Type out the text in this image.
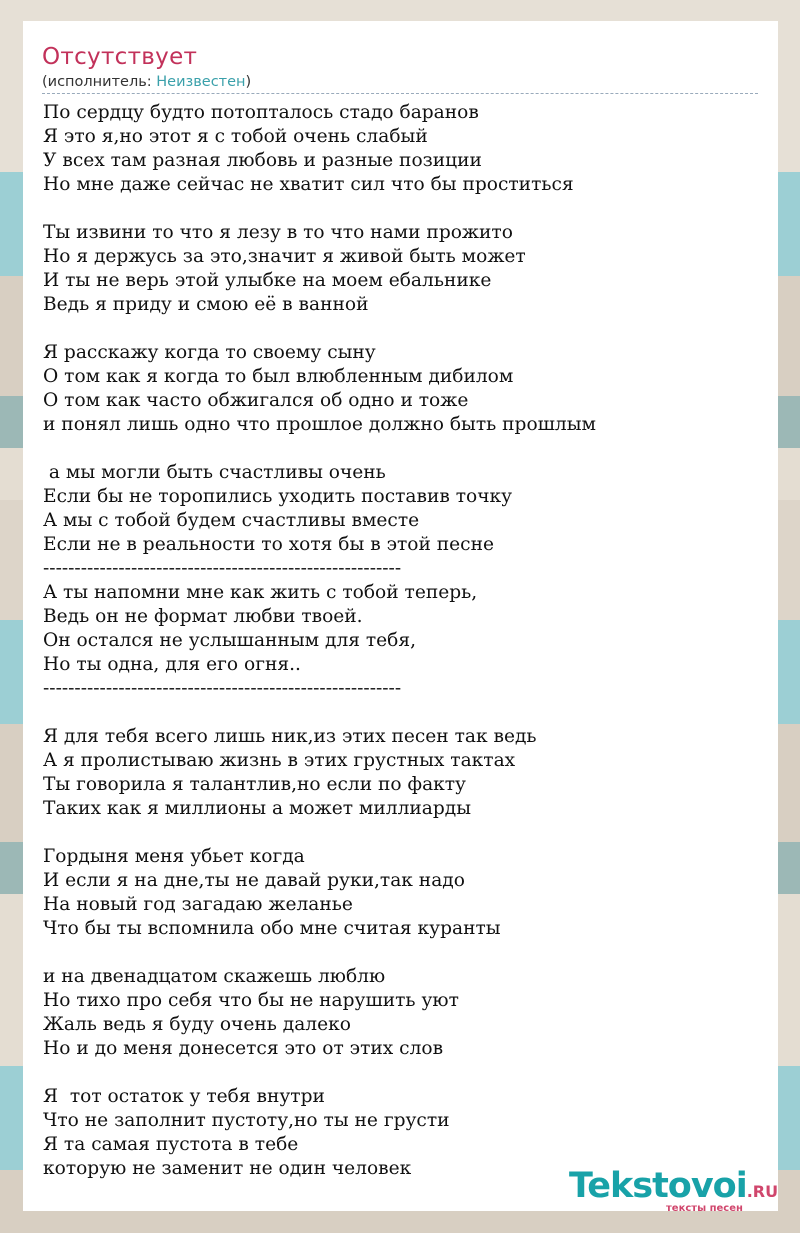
Отсутствует
(исполнитель: Неизвестен)
По сердцу будто потопталось стадо баранов
Я это я,но этот я с тобой очень слабый
У всех там разная любовь и разные позиции
Но мне даже сейчас не хватит сил что бы проститься
Ты извини то что я лезу в то что нами прожито
Но я держусь за это,значит я живой быть может
И ты не верь этой улыбке на моем ебальнике
Ведь я приду и смою её в ванной
Я расскажу когда то своему сыну
О том как я когда то был влюбленным дибилом
О том как часто обжигался об одно и тоже
и понял лишь одно что прошлое должно быть прошлым
а мы могли быть счастливы очень
Если бы не торопились уходить поставив точку
А мы с тобой будем счастливы вместе
Если не в реальности то хотя бы в этой песне
---------------------------------------------------------
А ты напомни мне как жить с тобой теперь,
Ведь он не формат любви твоей.
Он остался не услышанным для тебя,
Но ты одна, для его огня..
---------------------------------------------------------
Я для тебя всего лишь ник,из этих песен так ведь
А я пролистываю жизнь в этих грустных тактах
Ты говорила я талантлив,но если по факту
Таких как я миллионы а может миллиарды
Гордыня меня убьет когда
И если я на дне,ты не давай руки,так надо
На новый год загадаю желанье
Что бы ты вспомнила обо мне считая куранты
и на двенадцатом скажешь люблю
Но тихо про себя что бы не нарушить уют
Жаль ведь я буду очень далеко
Но и до меня донесется это от этих слов
Я  тот остаток у тебя внутри
Что не заполнит пустоту,но ты не грусти
Я та самая пустота в тебе
которую не заменит не один человек	Tekstovoi.RU
тексты песен
